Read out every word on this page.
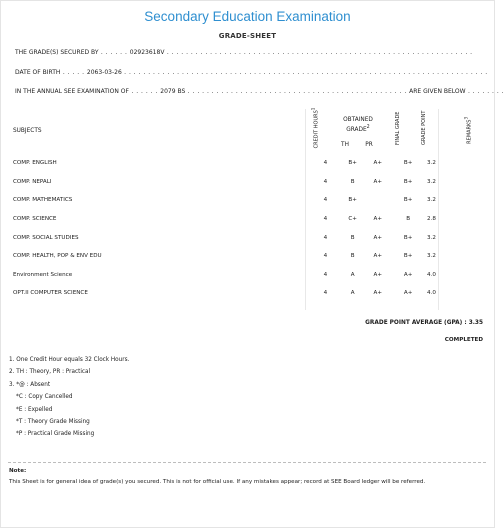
Secondary Education Examination
GRADE-SHEET
THE GRADE(S) SECURED BY . . . . . . 02923618V . . . . . . . . . . . . . . . . . . . . . . . . . . . . . . . . . . . . . . . . . . . . . . . . . . . . . . . . . . . . . . . .
DATE OF BIRTH . . . . . 2063-03-26 . . . . . . . . . . . . . . . . . . . . . . . . . . . . . . . . . . . . . . . . . . . . . . . . . . . . . . . . . . . . . . . . . . . . . . . . . . . .
IN THE ANNUAL SEE EXAMINATION OF . . . . . . 2079 BS . . . . . . . . . . . . . . . . . . . . . . . . . . . . . . . . . . . . . . . . . . . . . . ARE GIVEN BELOW . . . . . . . .
SUBJECTS	CREDIT HOURS$^1$
OBTAINED GRADE$^2$
TH	PR	FINAL GRADE	GRADE POINT	REMARKS$^3$
COMP. ENGLISH	4	B+	A+	B+	3.2
COMP. NEPALI	4	B	A+	B+	3.2
COMP. MATHEMATICS	4	B+		B+	3.2
COMP. SCIENCE	4	C+	A+	B	2.8
COMP. SOCIAL STUDIES	4	B	A+	B+	3.2
COMP. HEALTH, POP & ENV EDU	4	B	A+	B+	3.2
Environment Science	4	A	A+	A+	4.0
OPT.II COMPUTER SCIENCE	4	A	A+	A+	4.0
GRADE POINT AVERAGE (GPA) : 3.35
COMPLETED
1. One Credit Hour equals 32 Clock Hours.
2. TH : Theory, PR : Practical
3. *@ : Absent
*C : Copy Cancelled
*E : Expelled
*T : Theory Grade Missing
*P : Practical Grade Missing
Note:
This Sheet is for general idea of grade(s) you secured. This is not for official use. If any mistakes appear; record at SEE Board ledger will be referred.
